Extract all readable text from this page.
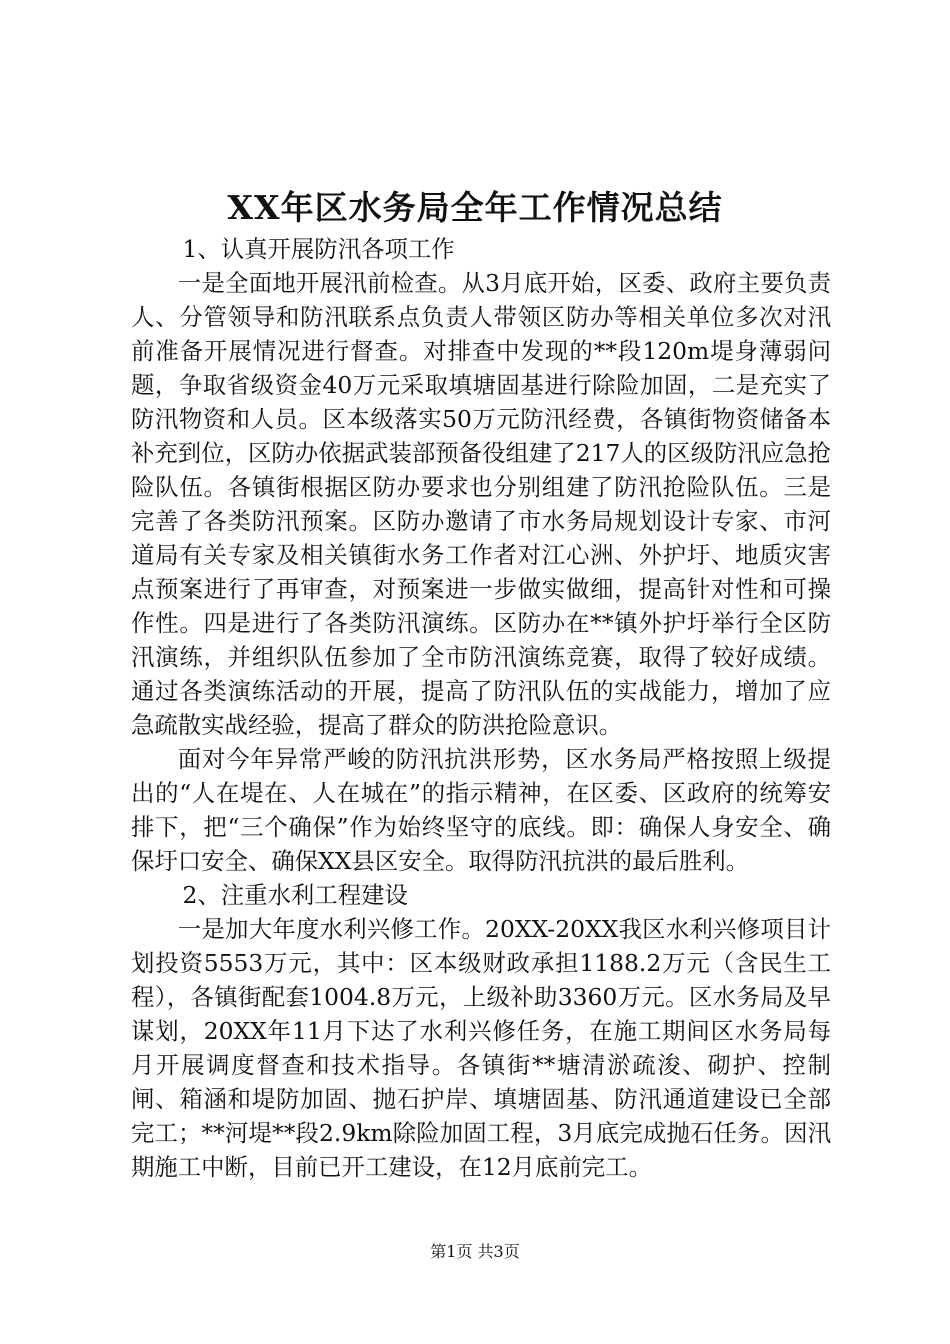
XX年区水务局全年工作情况总结

1、认真开展防汛各项工作

一是全面地开展汛前检查。从3月底开始，区委、政府主要负责人、分管领导和防汛联系点负责人带领区防办等相关单位多次对汛前准备开展情况进行督查。对排查中发现的**段120m堤身薄弱问题，争取省级资金40万元采取填塘固基进行除险加固，二是充实了防汛物资和人员。区本级落实50万元防汛经费，各镇街物资储备本补充到位，区防办依据武装部预备役组建了217人的区级防汛应急抢险队伍。各镇街根据区防办要求也分别组建了防汛抢险队伍。三是完善了各类防汛预案。区防办邀请了市水务局规划设计专家、市河道局有关专家及相关镇街水务工作者对江心洲、外护圩、地质灾害点预案进行了再审查，对预案进一步做实做细，提高针对性和可操作性。四是进行了各类防汛演练。区防办在**镇外护圩举行全区防汛演练，并组织队伍参加了全市防汛演练竞赛，取得了较好成绩。通过各类演练活动的开展，提高了防汛队伍的实战能力，增加了应急疏散实战经验，提高了群众的防洪抢险意识。

面对今年异常严峻的防汛抗洪形势，区水务局严格按照上级提出的“人在堤在、人在城在”的指示精神，在区委、区政府的统筹安排下，把“三个确保”作为始终坚守的底线。即：确保人身安全、确保圩口安全、确保XX县区安全。取得防汛抗洪的最后胜利。

2、注重水利工程建设

一是加大年度水利兴修工作。20XX-20XX我区水利兴修项目计划投资5553万元，其中：区本级财政承担1188.2万元（含民生工程），各镇街配套1004.8万元，上级补助3360万元。区水务局及早谋划，20XX年11月下达了水利兴修任务，在施工期间区水务局每月开展调度督查和技术指导。各镇街**塘清淤疏浚、砌护、控制闸、箱涵和堤防加固、抛石护岸、填塘固基、防汛通道建设已全部完工；**河堤**段2.9km除险加固工程，3月底完成抛石任务。因汛期施工中断，目前已开工建设，在12月底前完工。

第1页 共3页
